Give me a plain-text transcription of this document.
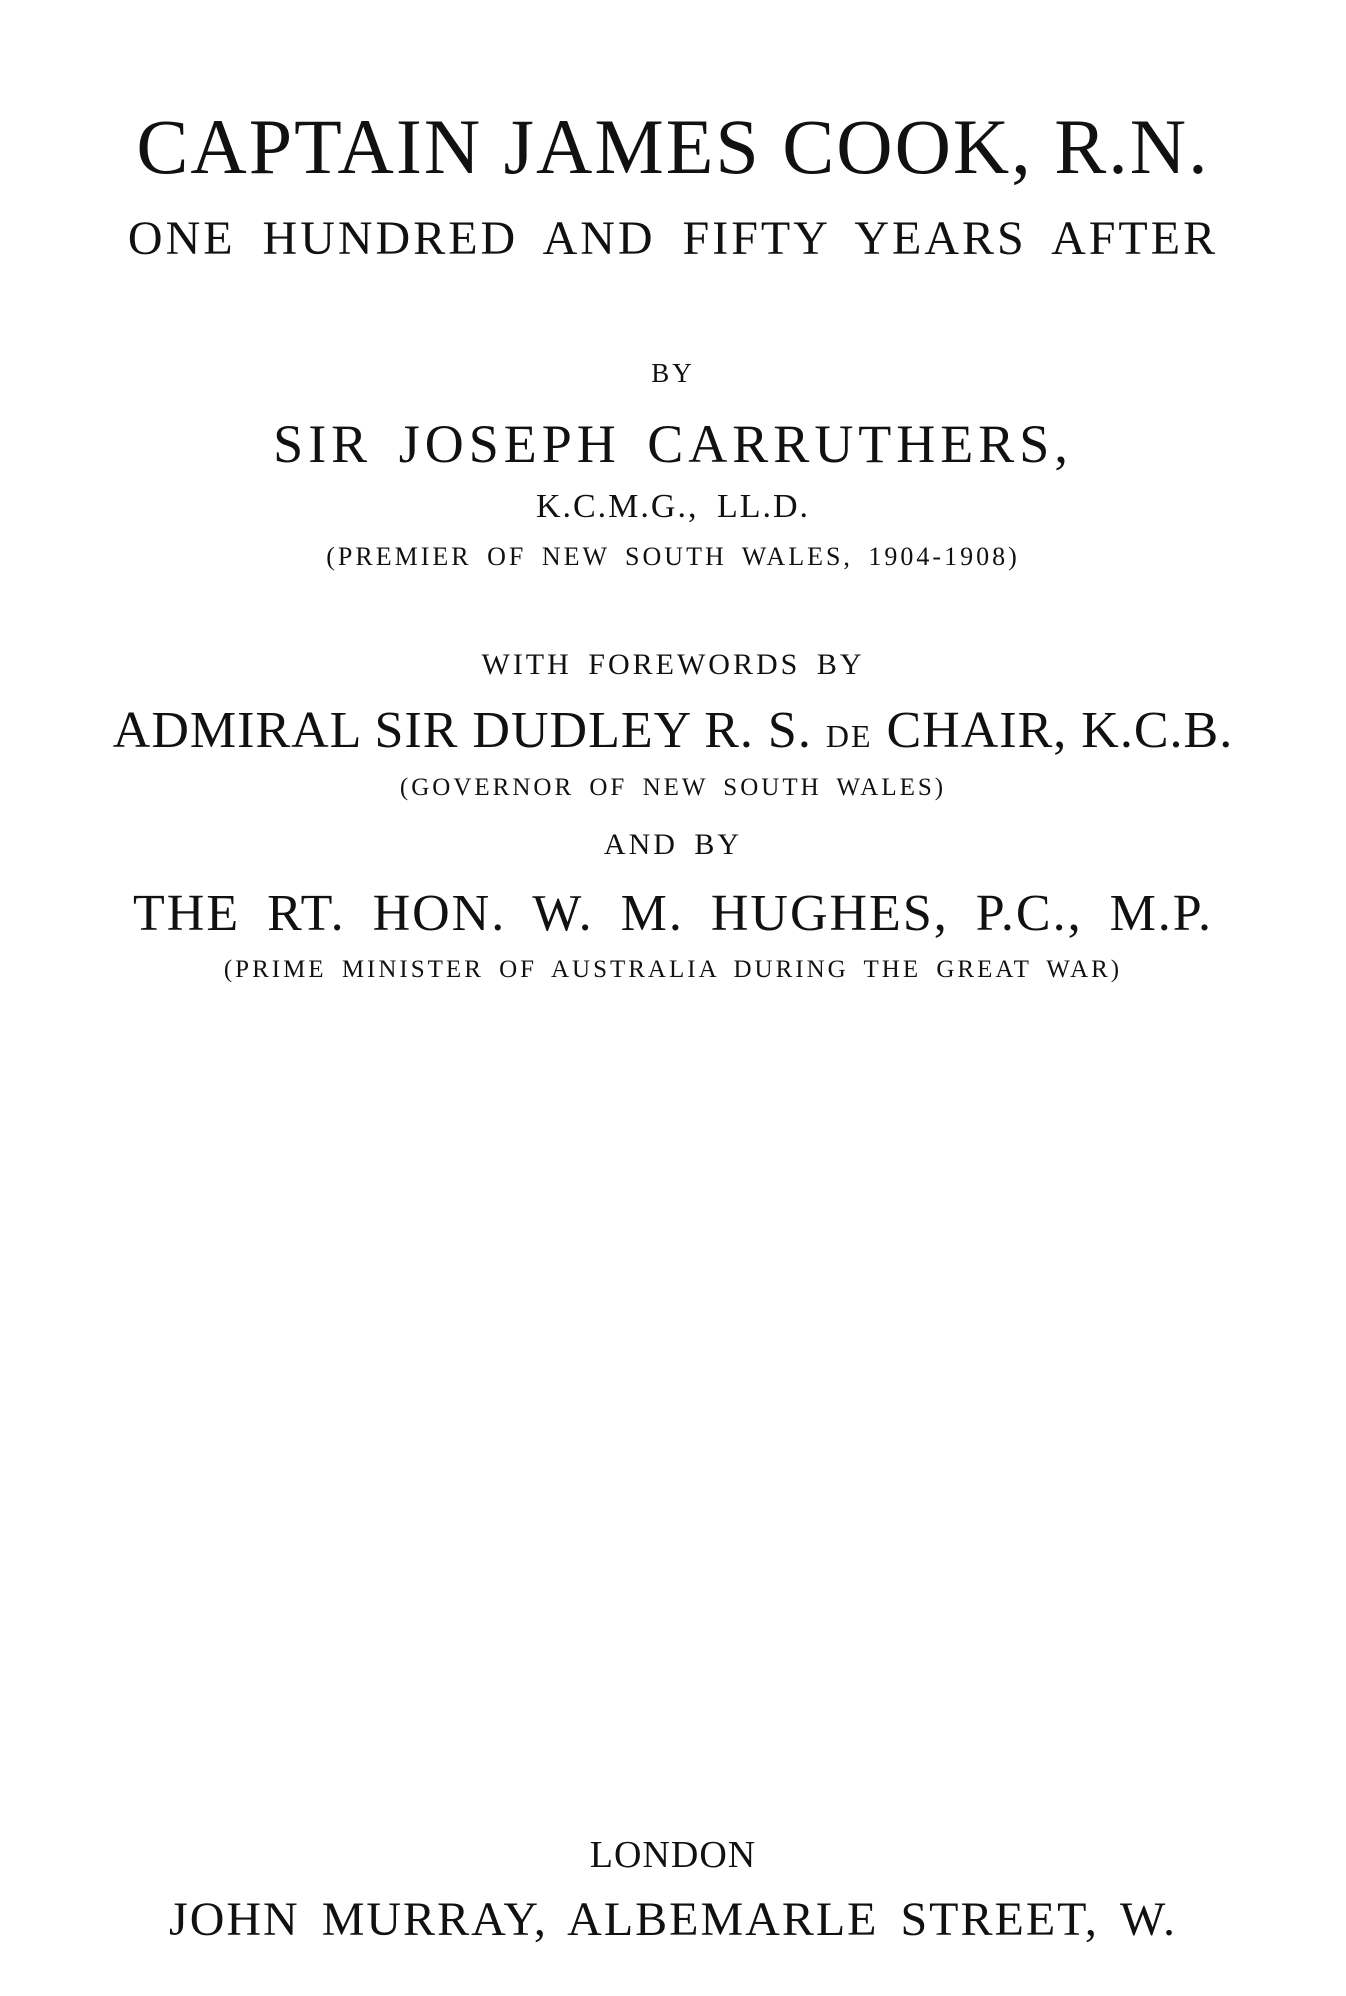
CAPTAIN JAMES COOK, R.N.
ONE HUNDRED AND FIFTY YEARS AFTER
BY
SIR JOSEPH CARRUTHERS,
K.C.M.G., LL.D.
(PREMIER OF NEW SOUTH WALES, 1904-1908)
WITH FOREWORDS BY
ADMIRAL SIR DUDLEY R. S. DE CHAIR, K.C.B.
(GOVERNOR OF NEW SOUTH WALES)
AND BY
THE RT. HON. W. M. HUGHES, P.C., M.P.
(PRIME MINISTER OF AUSTRALIA DURING THE GREAT WAR)
LONDON
JOHN MURRAY, ALBEMARLE STREET, W.
